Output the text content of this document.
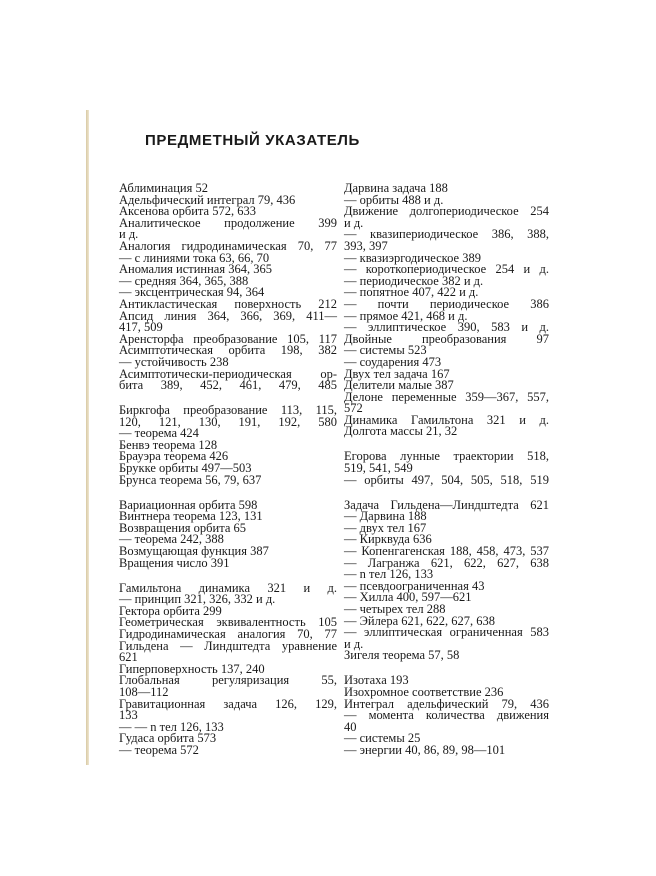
ПРЕДМЕТНЫЙ УКАЗАТЕЛЬ
Аблиминация 52
Адельфический интеграл 79, 436
Аксенова орбита 572, 633
Аналитическое продолжение 399
и д.
Аналогия гидродинамическая 70, 77
— с линиями тока 63, 66, 70
Аномалия истинная 364, 365
— средняя 364, 365, 388
— эксцентрическая 94, 364
Антикластическая поверхность 212
Апсид линия 364, 366, 369, 411—
417, 509
Аренсторфа преобразование 105, 117
Асимптотическая орбита 198, 382
— устойчивость 238
Асимптотически-периодическая ор-
бита 389, 452, 461, 479, 485
Биркгофа преобразование 113, 115,
120, 121, 130, 191, 192, 580
— теорема 424
Бенвэ теорема 128
Брауэра теорема 426
Брукке орбиты 497—503
Брунса теорема 56, 79, 637
Вариационная орбита 598
Винтнера теорема 123, 131
Возвращения орбита 65
— теорема 242, 388
Возмущающая функция 387
Вращения число 391
Гамильтона динамика 321 и д.
— принцип 321, 326, 332 и д.
Гектора орбита 299
Геометрическая эквивалентность 105
Гидродинамическая аналогия 70, 77
Гильдена — Линдштедта уравнение
621
Гиперповерхность 137, 240
Глобальная регуляризация 55,
108—112
Гравитационная задача 126, 129,
133
— — n тел 126, 133
Гудаса орбита 573
— теорема 572
Дарвина задача 188
— орбиты 488 и д.
Движение долгопериодическое 254
и д.
— квазипериодическое 386, 388,
393, 397
— квазиэргодическое 389
— короткопериодическое 254 и д.
— периодическое 382 и д.
— попятное 407, 422 и д.
— почти периодическое 386
— прямое 421, 468 и д.
— эллиптическое 390, 583 и д.
Двойные преобразования 97
— системы 523
— соударения 473
Двух тел задача 167
Делители малые 387
Делоне переменные 359—367, 557,
572
Динамика Гамильтона 321 и д.
Долгота массы 21, 32
Егорова лунные траектории 518,
519, 541, 549
— орбиты 497, 504, 505, 518, 519
Задача Гильдена—Линдштедта 621
— Дарвина 188
— двух тел 167
— Кирквуда 636
— Копенгагенская 188, 458, 473, 537
— Лагранжа 621, 622, 627, 638
— n тел 126, 133
— псевдоограниченная 43
— Хилла 400, 597—621
— четырех тел 288
— Эйлера 621, 622, 627, 638
— эллиптическая ограниченная 583
и д.
Зигеля теорема 57, 58
Изотаха 193
Изохромное соответствие 236
Интеграл адельфический 79, 436
— момента количества движения
40
— системы 25
— энергии 40, 86, 89, 98—101
